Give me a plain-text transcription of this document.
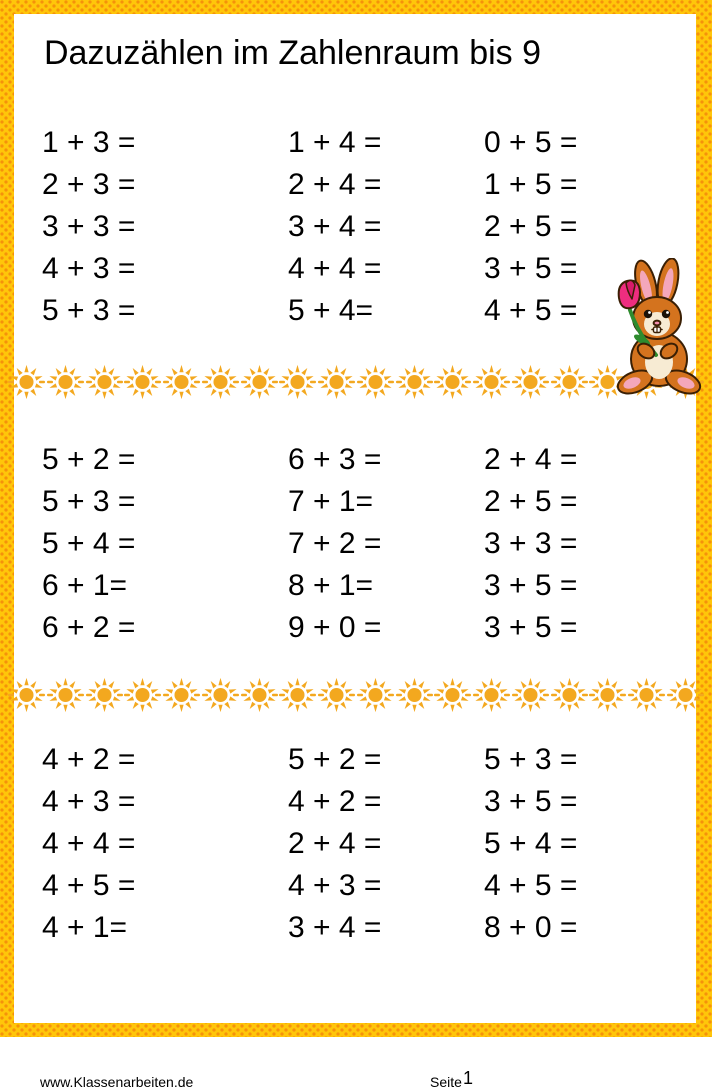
Dazuzählen im Zahlenraum bis 9
1 + 3 =
2 + 3 =
3 + 3 =
4 + 3 =
5 + 3 =
1 + 4 =
2 + 4 =
3 + 4 =
4 + 4 =
5 + 4=
0 + 5 =
1 + 5 =
2 + 5 =
3 + 5 =
4 + 5 =
5 + 2 =
5 + 3 =
5 + 4 =
6 + 1=
6 + 2 =
6 + 3 =
7 + 1=
7 + 2 =
8 + 1=
9 + 0 =
2 + 4 =
2 + 5 =
3 + 3 =
3 + 5 =
3 + 5 =
4 + 2 =
4 + 3 =
4 + 4 =
4 + 5 =
4 + 1=
5 + 2 =
4 + 2 =
2 + 4 =
4 + 3 =
3 + 4 =
5 + 3 =
3 + 5 =
5 + 4 =
4 + 5 =
8 + 0 =
www.Klassenarbeiten.de	Seite 1
